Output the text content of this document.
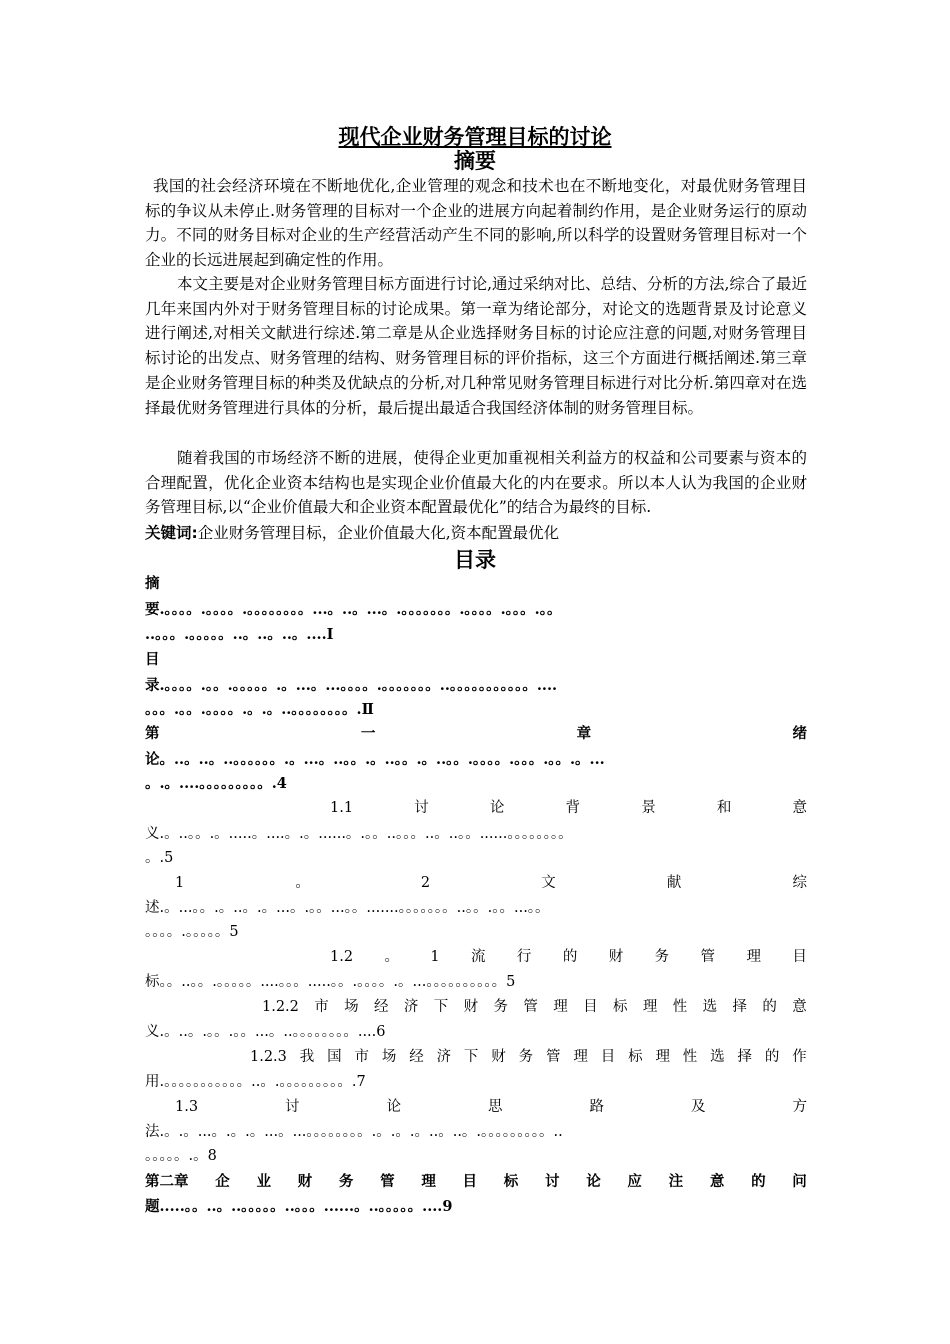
现代企业财务管理目标的讨论
摘要

我国的社会经济环境在不断地优化,企业管理的观念和技术也在不断地变化，对最优财务管理目标的争议从未停止.财务管理的目标对一个企业的进展方向起着制约作用，是企业财务运行的原动力。不同的财务目标对企业的生产经营活动产生不同的影响,所以科学的设置财务管理目标对一个企业的长远进展起到确定性的作用。

本文主要是对企业财务管理目标方面进行讨论,通过采纳对比、总结、分析的方法,综合了最近几年来国内外对于财务管理目标的讨论成果。第一章为绪论部分，对论文的选题背景及讨论意义进行阐述,对相关文献进行综述.第二章是从企业选择财务目标的讨论应注意的问题,对财务管理目标讨论的出发点、财务管理的结构、财务管理目标的评价指标，这三个方面进行概括阐述.第三章是企业财务管理目标的种类及优缺点的分析,对几种常见财务管理目标进行对比分析.第四章对在选择最优财务管理进行具体的分析，最后提出最适合我国经济体制的财务管理目标。

随着我国的市场经济不断的进展，使得企业更加重视相关利益方的权益和公司要素与资本的合理配置，优化企业资本结构也是实现企业价值最大化的内在要求。所以本人认为我国的企业财务管理目标,以“企业价值最大和企业资本配置最优化”的结合为最终的目标.

关键词:企业财务管理目标，企业价值最大化,资本配置最优化
目录
摘
要.。。。。.。。。。.。。。。。。。。...。..。...。.。。。。。。。.。。。。.。。。.。。
..。。。.。。。。。..。..。..。....Ⅰ
目
录.。。。。.。。.。。。。。.。...。...。。。。.。。。。。。。..。。。。。。。。。。。....
。。。.。。.。。。。.。.。..。。。。。。。。.Ⅱ
第	一	章	绪
论。..。..。..。。。。。。.。...。..。。.。..。。.。..。。.。。。。.。。。.。。.。...
。.。....。。。。。。。。。.4
1.1	讨	论	背	景	和	意
义.。..。。.。.....。....。.。......。.。。..。。。..。..。。......。。。。。。。。
。.5
1	。	2	文	献	综
述.。...。。.。..。.。...。.。。...。。.......。。。。。。。..。。.。。...。。
。。。。.。。。。。5
1.2 。 1 流 行 的 财 务 管 理 目
标。。..。。.。。。。。....。。。.....。。.。。。。.。...。。。。。。。。。。5
1.2.2 市 场 经 济 下 财 务 管 理 目 标 理 性 选 择 的 意
义.。..。.。。.。。...。..。。。。。。。。....6
1.2.3 我 国 市 场 经 济 下 财 务 管 理 目 标 理 性 选 择 的 作
用.。。。。。。。。。。。..。.。。。。。。。。。.7
1.3	讨	论	思	路	及	方
法.。.。...。.。.。...。...。。。。。。。。.。.。.。..。..。.。。。。。。。。。..
。。。。。.。8
第二章 企 业 财 务 管 理 目 标 讨 论 应 注 意 的 问
题.....。。..。..。。。。。..。。。......。..。。。。。....9
